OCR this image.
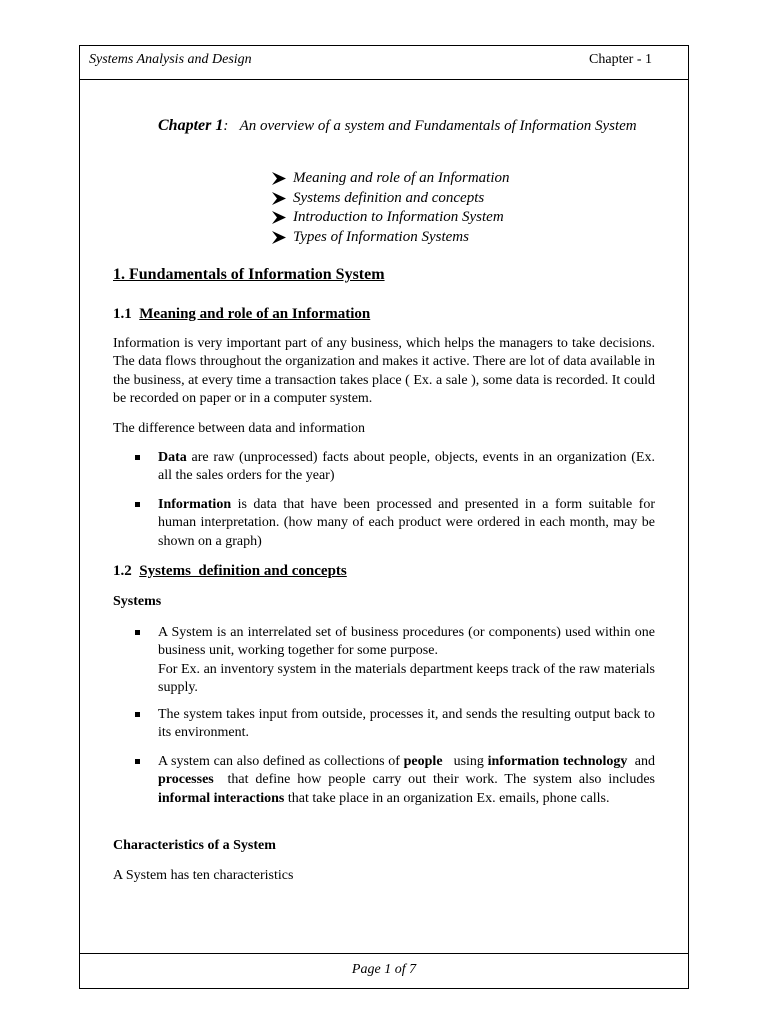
Systems Analysis and Design	Chapter - 1
Page 1 of 7
Chapter 1: An overview of a system and Fundamentals of Information System
Meaning and role of an Information
Systems definition and concepts
Introduction to Information System
Types of Information Systems
1. Fundamentals of Information System
1.1 Meaning and role of an Information
Information is very important part of any business, which helps the managers to take decisions. The data flows throughout the organization and makes it active. There are lot of data available in the business, at every time a transaction takes place ( Ex. a sale ), some data is recorded. It could be recorded on paper or in a computer system.
The difference between data and information
Data are raw (unprocessed) facts about people, objects, events in an organization (Ex. all the sales orders for the year)
Information is data that have been processed and presented in a form suitable for human interpretation. (how many of each product were ordered in each month, may be shown on a graph)
1.2 Systems  definition and concepts
Systems
A System is an interrelated set of business procedures (or components) used within one business unit, working together for some purpose.
For Ex. an inventory system in the materials department keeps track of the raw materials supply.
The system takes input from outside, processes it, and sends the resulting output back to its environment.
A system can also defined as collections of people   using information technology  and processes  that define how people carry out their work. The system also includes informal interactions that take place in an organization Ex. emails, phone calls.
Characteristics of a System
A System has ten characteristics
